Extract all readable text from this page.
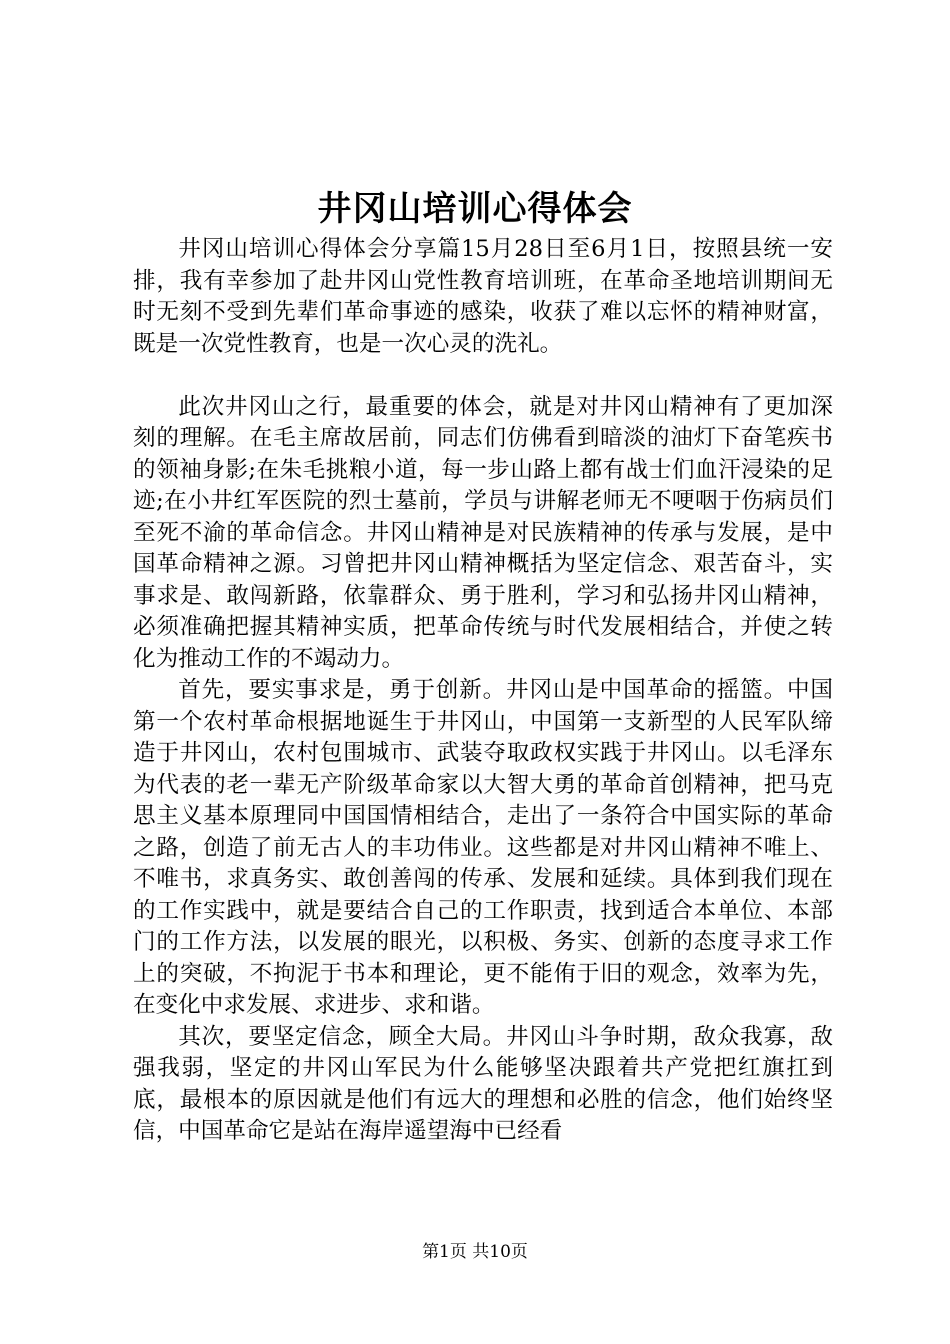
井冈山培训心得体会

井冈山培训心得体会分享篇15月28日至6月1日，按照县统一安排，我有幸参加了赴井冈山党性教育培训班，在革命圣地培训期间无时无刻不受到先辈们革命事迹的感染，收获了难以忘怀的精神财富，既是一次党性教育，也是一次心灵的洗礼。

此次井冈山之行，最重要的体会，就是对井冈山精神有了更加深刻的理解。在毛主席故居前，同志们仿佛看到暗淡的油灯下奋笔疾书的领袖身影;在朱毛挑粮小道，每一步山路上都有战士们血汗浸染的足迹;在小井红军医院的烈士墓前，学员与讲解老师无不哽咽于伤病员们至死不渝的革命信念。井冈山精神是对民族精神的传承与发展，是中国革命精神之源。习曾把井冈山精神概括为坚定信念、艰苦奋斗，实事求是、敢闯新路，依靠群众、勇于胜利，学习和弘扬井冈山精神，必须准确把握其精神实质，把革命传统与时代发展相结合，并使之转化为推动工作的不竭动力。

首先，要实事求是，勇于创新。井冈山是中国革命的摇篮。中国第一个农村革命根据地诞生于井冈山，中国第一支新型的人民军队缔造于井冈山，农村包围城市、武装夺取政权实践于井冈山。以毛泽东为代表的老一辈无产阶级革命家以大智大勇的革命首创精神，把马克思主义基本原理同中国国情相结合，走出了一条符合中国实际的革命之路，创造了前无古人的丰功伟业。这些都是对井冈山精神不唯上、不唯书，求真务实、敢创善闯的传承、发展和延续。具体到我们现在的工作实践中，就是要结合自己的工作职责，找到适合本单位、本部门的工作方法，以发展的眼光，以积极、务实、创新的态度寻求工作上的突破，不拘泥于书本和理论，更不能侑于旧的观念，效率为先，在变化中求发展、求进步、求和谐。

其次，要坚定信念，顾全大局。井冈山斗争时期，敌众我寡，敌强我弱，坚定的井冈山军民为什么能够坚决跟着共产党把红旗扛到底，最根本的原因就是他们有远大的理想和必胜的信念，他们始终坚信，中国革命它是站在海岸遥望海中已经看

第1页 共10页
